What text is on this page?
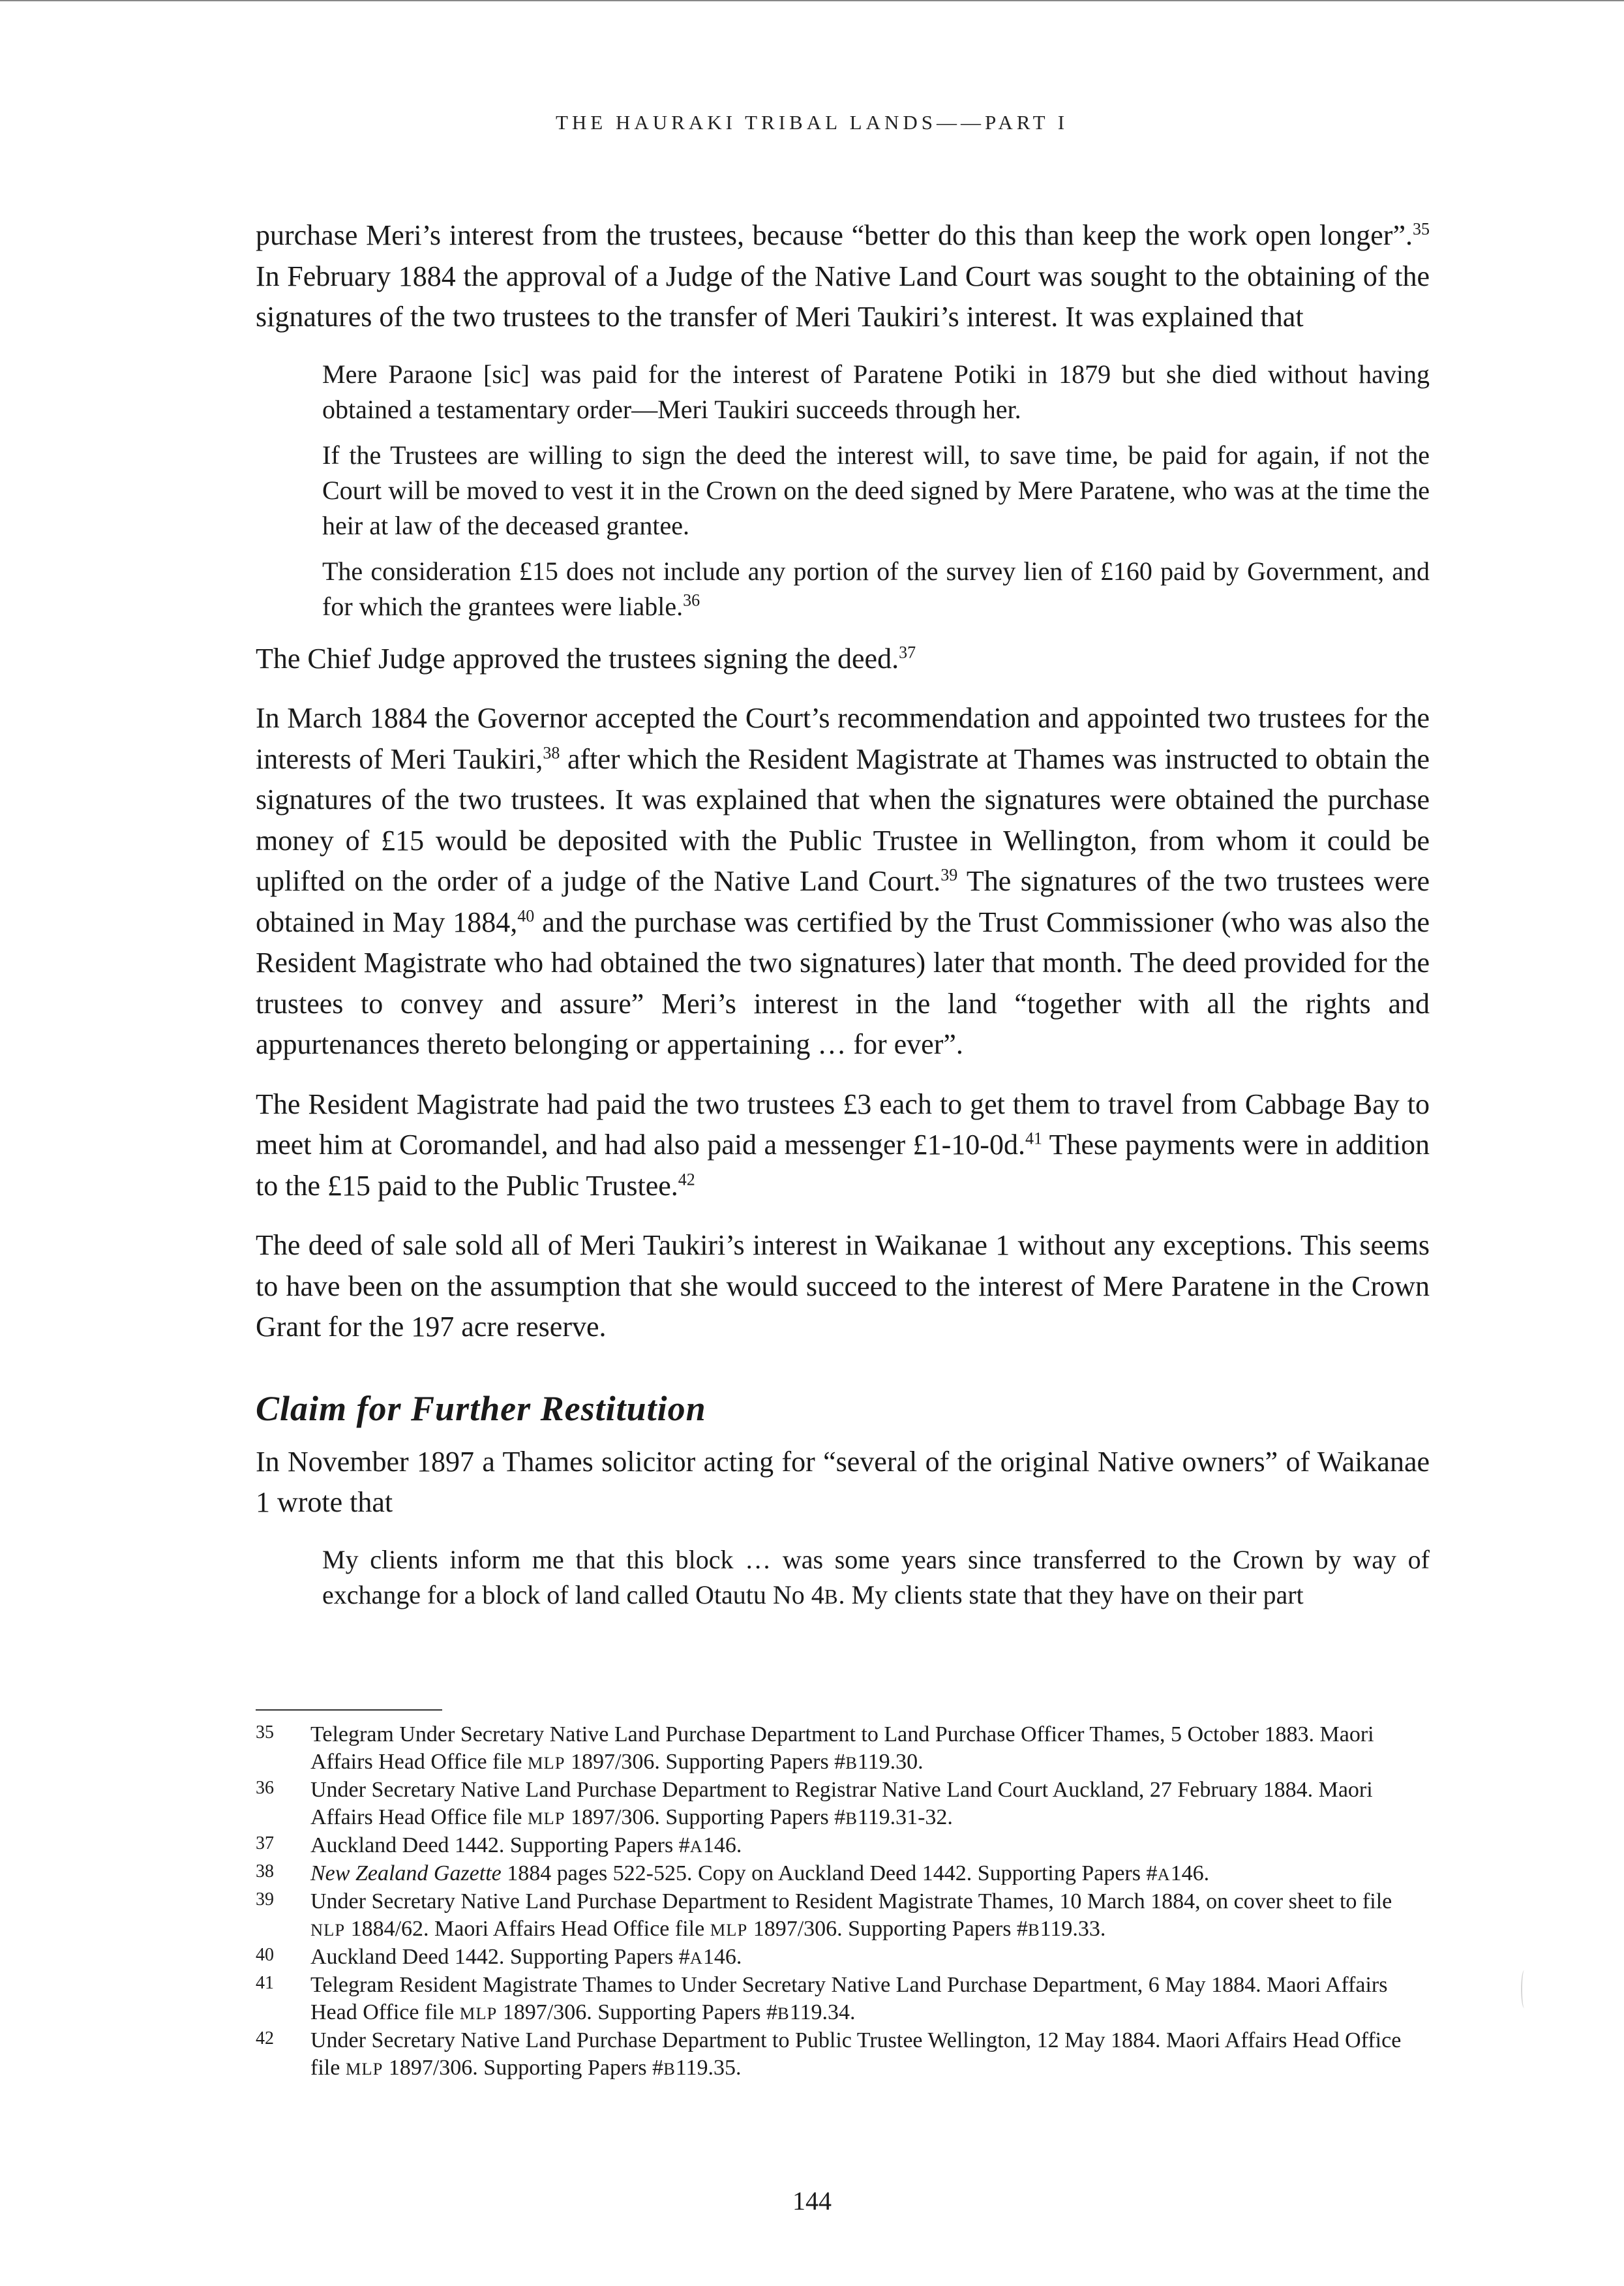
THE HAURAKI TRIBAL LANDS——PART I

purchase Meri’s interest from the trustees, because “better do this than keep the work open longer”.$^{35}$ In February 1884 the approval of a Judge of the Native Land Court was sought to the obtaining of the signatures of the two trustees to the transfer of Meri Taukiri’s interest. It was explained that

Mere Paraone [sic] was paid for the interest of Paratene Potiki in 1879 but she died without having obtained a testamentary order—Meri Taukiri succeeds through her.

If the Trustees are willing to sign the deed the interest will, to save time, be paid for again, if not the Court will be moved to vest it in the Crown on the deed signed by Mere Paratene, who was at the time the heir at law of the deceased grantee.

The consideration £15 does not include any portion of the survey lien of £160 paid by Government, and for which the grantees were liable.$^{36}$

The Chief Judge approved the trustees signing the deed.$^{37}$

In March 1884 the Governor accepted the Court’s recommendation and appointed two trustees for the interests of Meri Taukiri,$^{38}$ after which the Resident Magistrate at Thames was instructed to obtain the signatures of the two trustees. It was explained that when the signatures were obtained the purchase money of £15 would be deposited with the Public Trustee in Wellington, from whom it could be uplifted on the order of a judge of the Native Land Court.$^{39}$ The signatures of the two trustees were obtained in May 1884,40 and the purchase was certified by the Trust Commissioner (who was also the Resident Magistrate who had obtained the two signatures) later that month. The deed provided for the trustees to convey and assure” Meri’s interest in the land “together with all the rights and appurtenances thereto belonging or appertaining … for ever”.

The Resident Magistrate had paid the two trustees £3 each to get them to travel from Cabbage Bay to meet him at Coromandel, and had also paid a messenger £1-10-0d.$^{41}$ These payments were in addition to the £15 paid to the Public Trustee.$^{42}$

The deed of sale sold all of Meri Taukiri’s interest in Waikanae 1 without any exceptions. This seems to have been on the assumption that she would succeed to the interest of Mere Paratene in the Crown Grant for the 197 acre reserve.

Claim for Further Restitution

In November 1897 a Thames solicitor acting for “several of the original Native owners” of Waikanae 1 wrote that

My clients inform me that this block … was some years since transferred to the Crown by way of exchange for a block of land called Otautu No 4B. My clients state that they have on their part

35	Telegram Under Secretary Native Land Purchase Department to Land Purchase Officer Thames, 5 October 1883. Maori Affairs Head Office file MLP 1897/306. Supporting Papers #B119.30.
36	Under Secretary Native Land Purchase Department to Registrar Native Land Court Auckland, 27 February 1884. Maori Affairs Head Office file MLP 1897/306. Supporting Papers #B119.31-32.
37	Auckland Deed 1442. Supporting Papers #A146.
38	New Zealand Gazette 1884 pages 522-525. Copy on Auckland Deed 1442. Supporting Papers #A146.
39	Under Secretary Native Land Purchase Department to Resident Magistrate Thames, 10 March 1884, on cover sheet to file NLP 1884/62. Maori Affairs Head Office file MLP 1897/306. Supporting Papers #B119.33.
40	Auckland Deed 1442. Supporting Papers #A146.
41	Telegram Resident Magistrate Thames to Under Secretary Native Land Purchase Department, 6 May 1884. Maori Affairs Head Office file MLP 1897/306. Supporting Papers #B119.34.
42	Under Secretary Native Land Purchase Department to Public Trustee Wellington, 12 May 1884. Maori Affairs Head Office file MLP 1897/306. Supporting Papers #B119.35.
144
